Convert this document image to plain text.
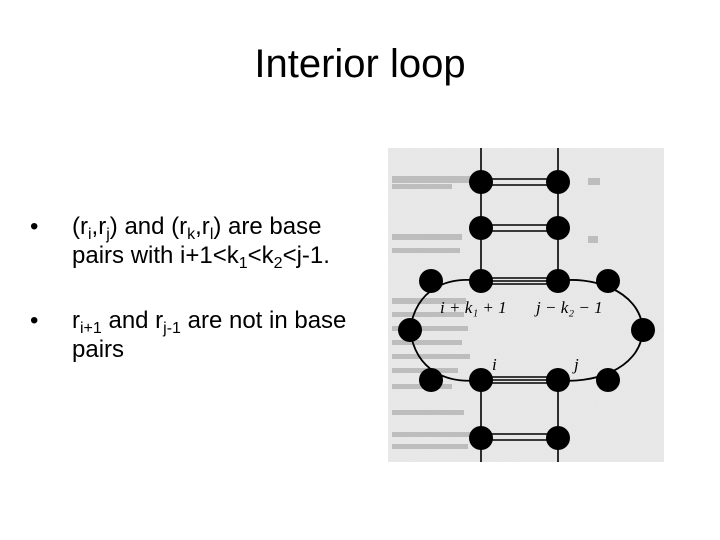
Interior loop
• $(r_i,r_j)$ and $(r_k,r_l)$ are base pairs with $i+1<k_1<k_2<j-1$.
• $r_{i+1}$ and $r_{j-1}$ are not in base pairs
i + k₁ + 1 j − k₂ − 1
i	j
